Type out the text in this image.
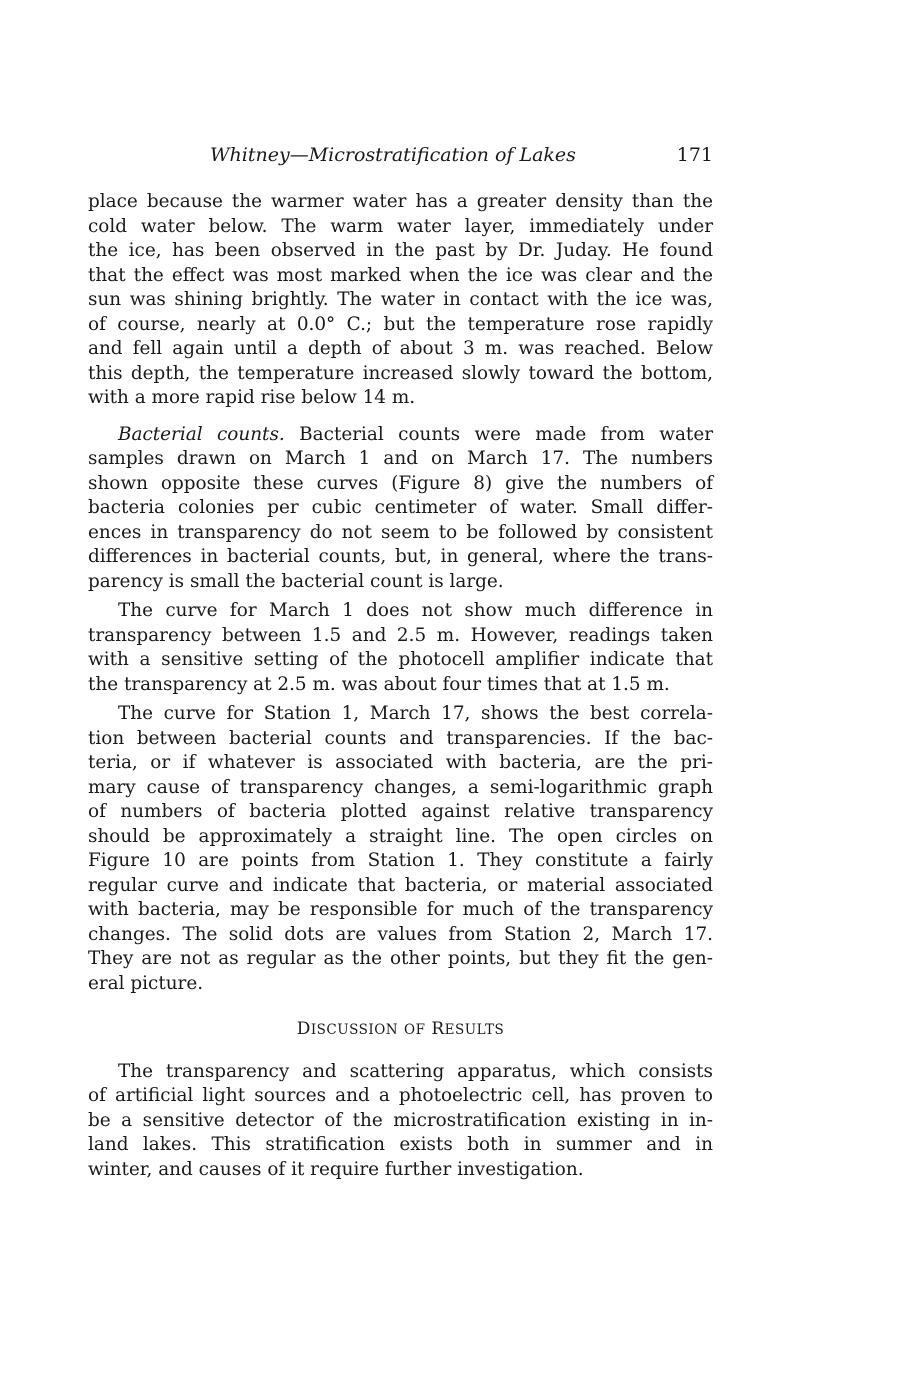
Whitney—Microstratification of Lakes	171
place because the warmer water has a greater density than the
cold water below. The warm water layer, immediately under
the ice, has been observed in the past by Dr. Juday. He found
that the effect was most marked when the ice was clear and the
sun was shining brightly. The water in contact with the ice was,
of course, nearly at 0.0° C.; but the temperature rose rapidly
and fell again until a depth of about 3 m. was reached. Below
this depth, the temperature increased slowly toward the bottom,
with a more rapid rise below 14 m.
Bacterial counts. Bacterial counts were made from water
samples drawn on March 1 and on March 17. The numbers
shown opposite these curves (Figure 8) give the numbers of
bacteria colonies per cubic centimeter of water. Small differ-
ences in transparency do not seem to be followed by consistent
differences in bacterial counts, but, in general, where the trans-
parency is small the bacterial count is large.
The curve for March 1 does not show much difference in
transparency between 1.5 and 2.5 m. However, readings taken
with a sensitive setting of the photocell amplifier indicate that
the transparency at 2.5 m. was about four times that at 1.5 m.
The curve for Station 1, March 17, shows the best correla-
tion between bacterial counts and transparencies. If the bac-
teria, or if whatever is associated with bacteria, are the pri-
mary cause of transparency changes, a semi-logarithmic graph
of numbers of bacteria plotted against relative transparency
should be approximately a straight line. The open circles on
Figure 10 are points from Station 1. They constitute a fairly
regular curve and indicate that bacteria, or material associated
with bacteria, may be responsible for much of the transparency
changes. The solid dots are values from Station 2, March 17.
They are not as regular as the other points, but they fit the gen-
eral picture.
DISCUSSION OF RESULTS
The transparency and scattering apparatus, which consists
of artificial light sources and a photoelectric cell, has proven to
be a sensitive detector of the microstratification existing in in-
land lakes. This stratification exists both in summer and in
winter, and causes of it require further investigation.
